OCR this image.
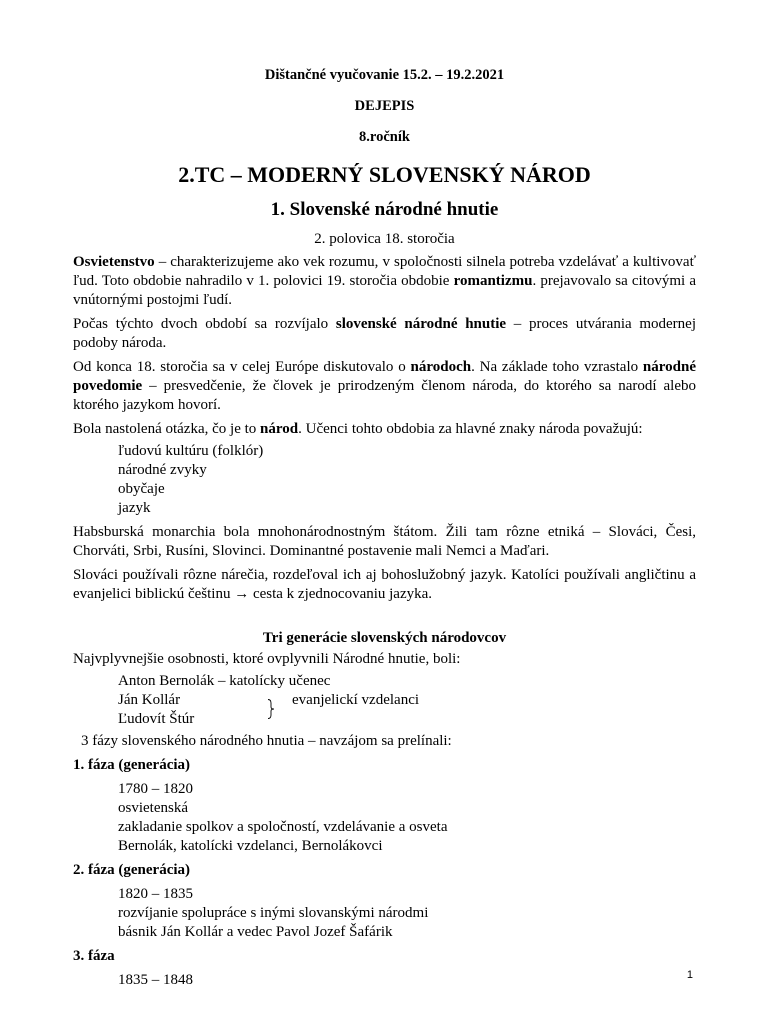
Dištančné vyučovanie 15.2. – 19.2.2021
DEJEPIS
8.ročník
2.TC – MODERNÝ SLOVENSKÝ NÁROD
1. Slovenské národné hnutie
2. polovica 18. storočia

Osvietenstvo – charakterizujeme ako vek rozumu, v spoločnosti silnela potreba vzdelávať a kultivovať ľud. Toto obdobie nahradilo v 1. polovici 19. storočia obdobie romantizmu. prejavovalo sa citovými a vnútornými postojmi ľudí.

Počas týchto dvoch období sa rozvíjalo slovenské národné hnutie – proces utvárania modernej podoby národa.

Od konca 18. storočia sa v celej Európe diskutovalo o národoch. Na základe toho vzrastalo národné povedomie – presvedčenie, že človek je prirodzeným členom národa, do ktorého sa narodí alebo ktorého jazykom hovorí.

Bola nastolená otázka, čo je to národ. Učenci tohto obdobia za hlavné znaky národa považujú:

ľudovú kultúru (folklór)
národné zvyky
obyčaje
jazyk

Habsburská monarchia bola mnohonárodnostným štátom. Žili tam rôzne etniká – Slováci, Česi, Chorváti, Srbi, Rusíni, Slovinci. Dominantné postavenie mali Nemci a Maďari.

Slováci používali rôzne nárečia, rozdeľoval ich aj bohoslužobný jazyk. Katolíci používali angličtinu a evanjelici biblickú češtinu → cesta k zjednocovaniu jazyka.

Tri generácie slovenských národovcov
Najvplyvnejšie osobnosti, ktoré ovplyvnili Národné hnutie, boli:
Anton Bernolák – katolícky učenec
Ján Kollár
Ľudovít Štúr
evanjelickí vzdelanci
3 fázy slovenského národného hnutia – navzájom sa prelínali:
1. fáza (generácia)
1780 – 1820
osvietenská
zakladanie spolkov a spoločností, vzdelávanie a osveta
Bernolák, katolícki vzdelanci, Bernolákovci
2. fáza (generácia)
1820 – 1835
rozvíjanie spolupráce s inými slovanskými národmi
básnik Ján Kollár a vedec Pavol Jozef Šafárik
3. fáza
1835 – 1848	1
